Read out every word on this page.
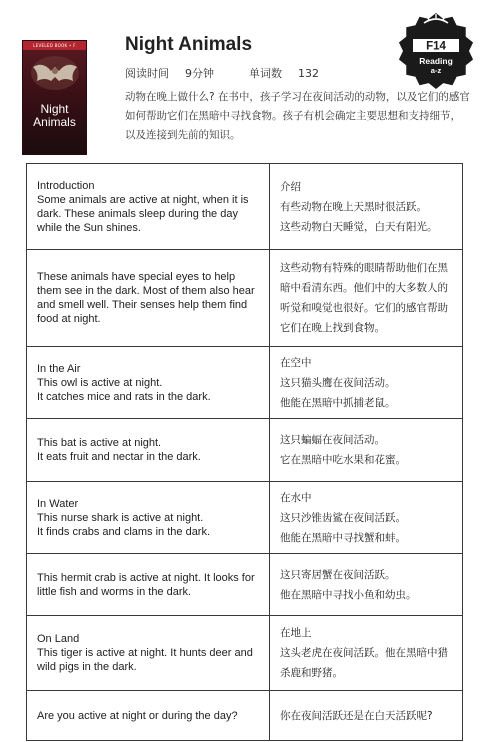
LEVELED BOOK • F
Night Animals
Night Animals
阅读时间 9分钟	单词数 132
动物在晚上做什么? 在书中，孩子学习在夜间活动的动物，以及它们的感官如何帮助它们在黑暗中寻找食物。孩子有机会确定主要思想和支持细节，以及连接到先前的知识。
F14
Reading
a-z
Introduction
Some animals are active at night, when it is dark. These animals sleep during the day while the Sun shines.	介绍
有些动物在晚上天黑时很活跃。
这些动物白天睡觉，白天有阳光。

These animals have special eyes to help them see in the dark. Most of them also hear and smell well. Their senses help them find food at night.	这些动物有特殊的眼睛帮助他们在黑暗中看清东西。他们中的大多数人的听觉和嗅觉也很好。它们的感官帮助它们在晚上找到食物。

In the Air
This owl is active at night.
It catches mice and rats in the dark.	在空中
这只猫头鹰在夜间活动。
他能在黑暗中抓捕老鼠。

This bat is active at night.
It eats fruit and nectar in the dark.	这只蝙蝠在夜间活动。
它在黑暗中吃水果和花蜜。

In Water
This nurse shark is active at night.
It finds crabs and clams in the dark.	在水中
这只沙锥齿鲨在夜间活跃。
他能在黑暗中寻找蟹和蚌。

This hermit crab is active at night. It looks for little fish and worms in the dark.	这只寄居蟹在夜间活跃。
他在黑暗中寻找小鱼和幼虫。

On Land
This tiger is active at night. It hunts deer and wild pigs in the dark.	在地上
这头老虎在夜间活跃。他在黑暗中猎杀鹿和野猪。

Are you active at night or during the day?	你在夜间活跃还是在白天活跃呢?
